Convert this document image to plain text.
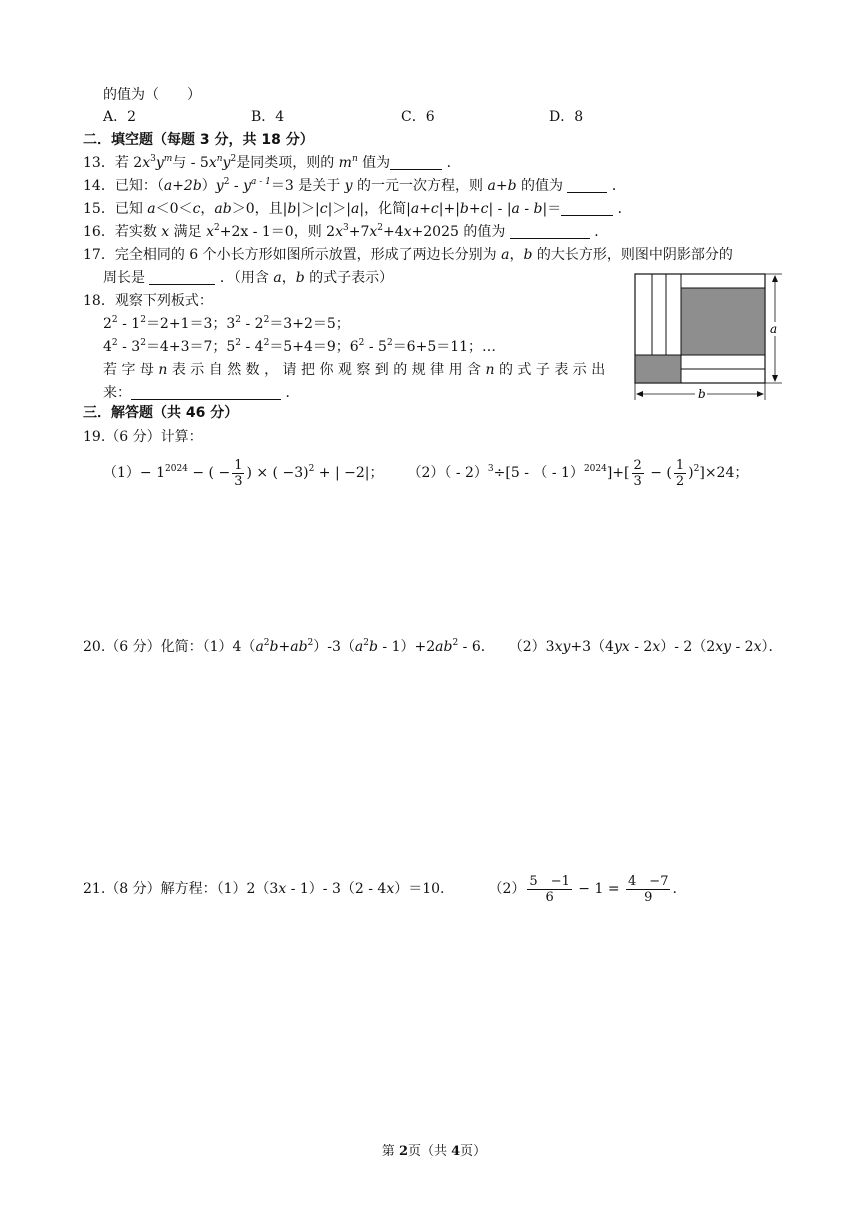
的值为（　　）
A．2	B．4	C．6	D．8
二．填空题（每题 3 分，共 18 分）
13．若 $2x^3y^m$与 - $5x^ny^2$是同类项，则的 $m^n$ 值为	．
14．已知：$(a+2b)y^2 - y^{a - 1}=3$ 是关于 y 的一元一次方程，则 a+b 的值为	．
15．已知 a＜0＜c，ab＞0，且|b|＞|c|＞|a|，化简|a+c|+|b+c| - |a - b|＝	．
16．若实数 x 满足 $x^2+2x - 1=0$，则 $2x^3+7x^2+4x+2025$ 的值为	．
17．完全相同的 6 个小长方形如图所示放置，形成了两边长分别为 a，b 的大长方形，则图中阴影部分的
周长是	．（用含 a，b 的式子表示）
18．观察下列板式：
$2^2 - 1^2=2+1=3$；$3^2 - 2^2=3+2=5$；
$4^2 - 3^2=4+3=7$；$5^2 - 4^2=5+4=9$；$6^2 - 5^2=6+5=11$；…
若 字 母 n 表 示 自 然 数 ， 请 把 你 观 察 到 的 规 律 用 含 n 的 式 子 表 示 出
来：	．
a
b
三．解答题（共 46 分）
19.（6 分）计算：
$(1)- 1^{2024}$ − ( − $\frac{1}{3}$ ) × ( −3)$^2$ + | −2|； （2）（ - 2）$^3$÷[5 - （ - $1)^{2024}]+[ \frac{2}{3}$ − ( $\frac{1}{2} )^2]\times 24$；
20.（6 分）化简：$(1)4(a^2b+ab^2)-3(a^2b - 1)+2ab^2 - 6$． （2）3xy+3（4yx - 2x）- 2（2xy - 2x）．
21.（8 分）解方程：（1）2（3x - 1）- 3（2 - 4x）＝10.	$(2) \frac{5 -1}{6} - 1 = \frac{4 -7}{9}$ .
第 2页（共 4页）
